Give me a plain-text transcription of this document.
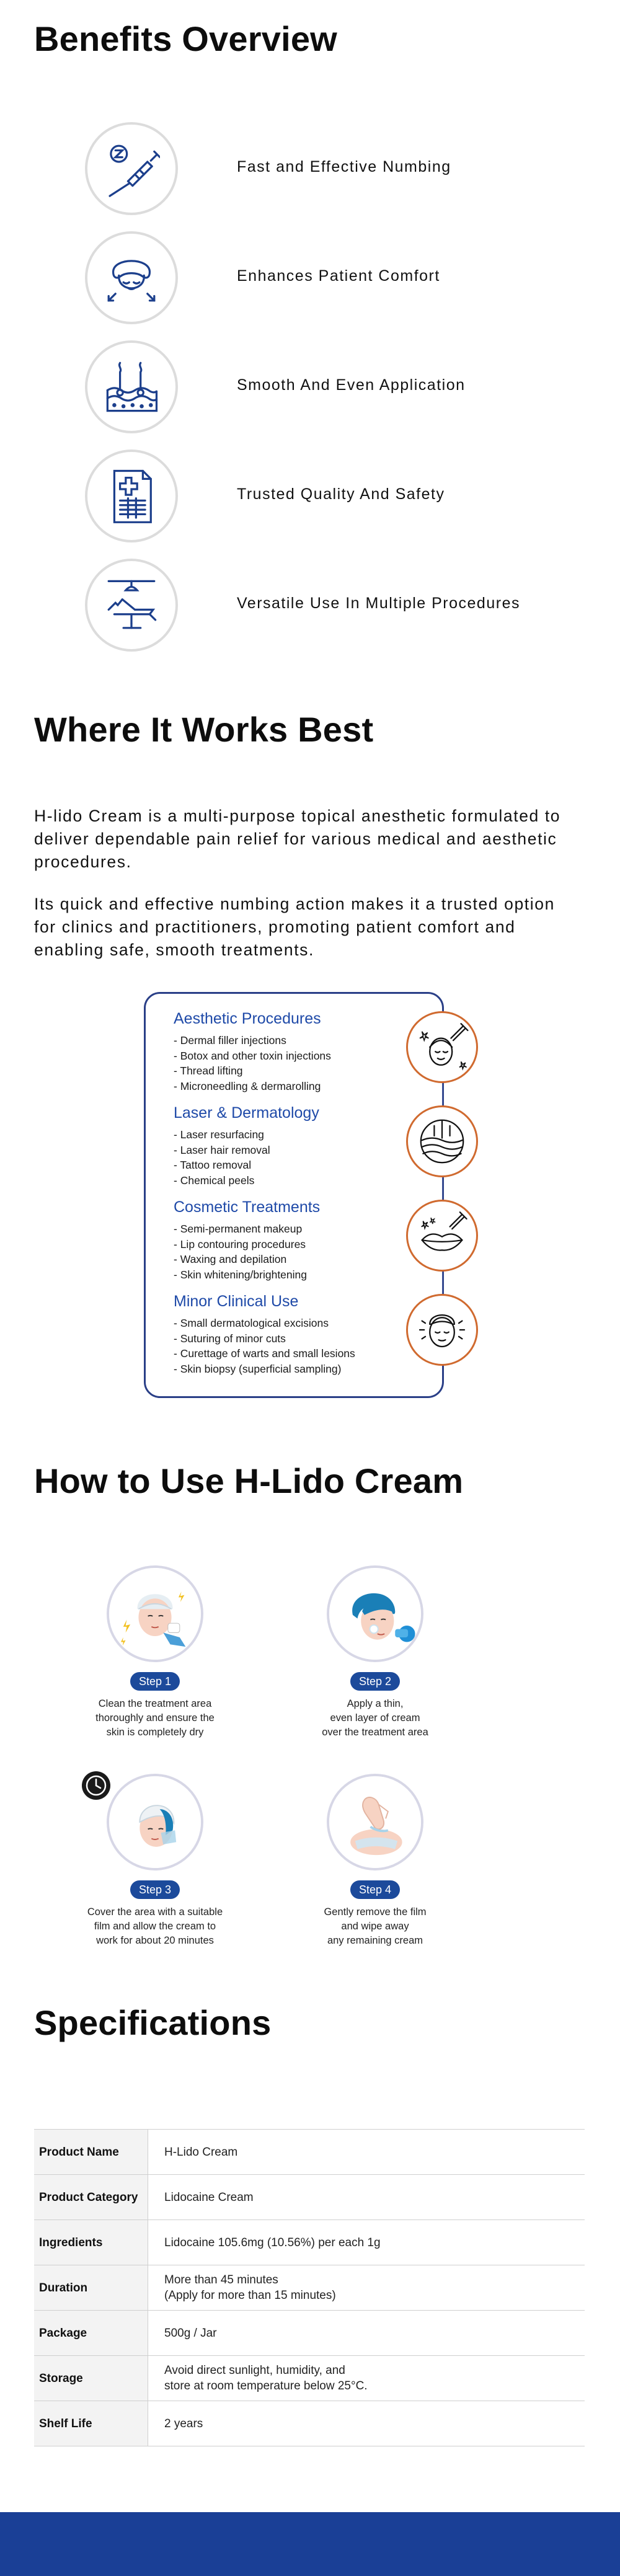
Benefits Overview
Fast and Effective Numbing
Enhances Patient Comfort
Smooth And Even Application
Trusted Quality And Safety
Versatile Use In Multiple Procedures
Where It Works Best

H-lido Cream is a multi-purpose topical anesthetic formulated to deliver dependable pain relief for various medical and aesthetic procedures.

Its quick and effective numbing action makes it a trusted option for clinics and practitioners, promoting patient comfort and enabling safe, smooth treatments.

Aesthetic Procedures
- Dermal filler injections
- Botox and other toxin injections
- Thread lifting
- Microneedling & dermarolling
Laser & Dermatology
- Laser resurfacing
- Laser hair removal
- Tattoo removal
- Chemical peels
Cosmetic Treatments
- Semi-permanent makeup
- Lip contouring procedures
- Waxing and depilation
- Skin whitening/brightening
Minor Clinical Use
- Small dermatological excisions
- Suturing of minor cuts
- Curettage of warts and small lesions
- Skin biopsy (superficial sampling)
How to Use H-Lido Cream
Step 1
Clean the treatment area
thoroughly and ensure the
skin is completely dry
Step 2
Apply a thin,
even layer of cream
over the treatment area
Step 3
Cover the area with a suitable
film and allow the cream to
work for about 20 minutes
Step 4
Gently remove the film
and wipe away
any remaining cream
Specifications
Product Name	H-Lido Cream

Product Category	Lidocaine Cream

Ingredients	Lidocaine 105.6mg (10.56%) per each 1g

Duration	More than 45 minutes
(Apply for more than 15 minutes)

Package	500g / Jar

Storage	Avoid direct sunlight, humidity, and
store at room temperature below 25°C.

Shelf Life	2 years
